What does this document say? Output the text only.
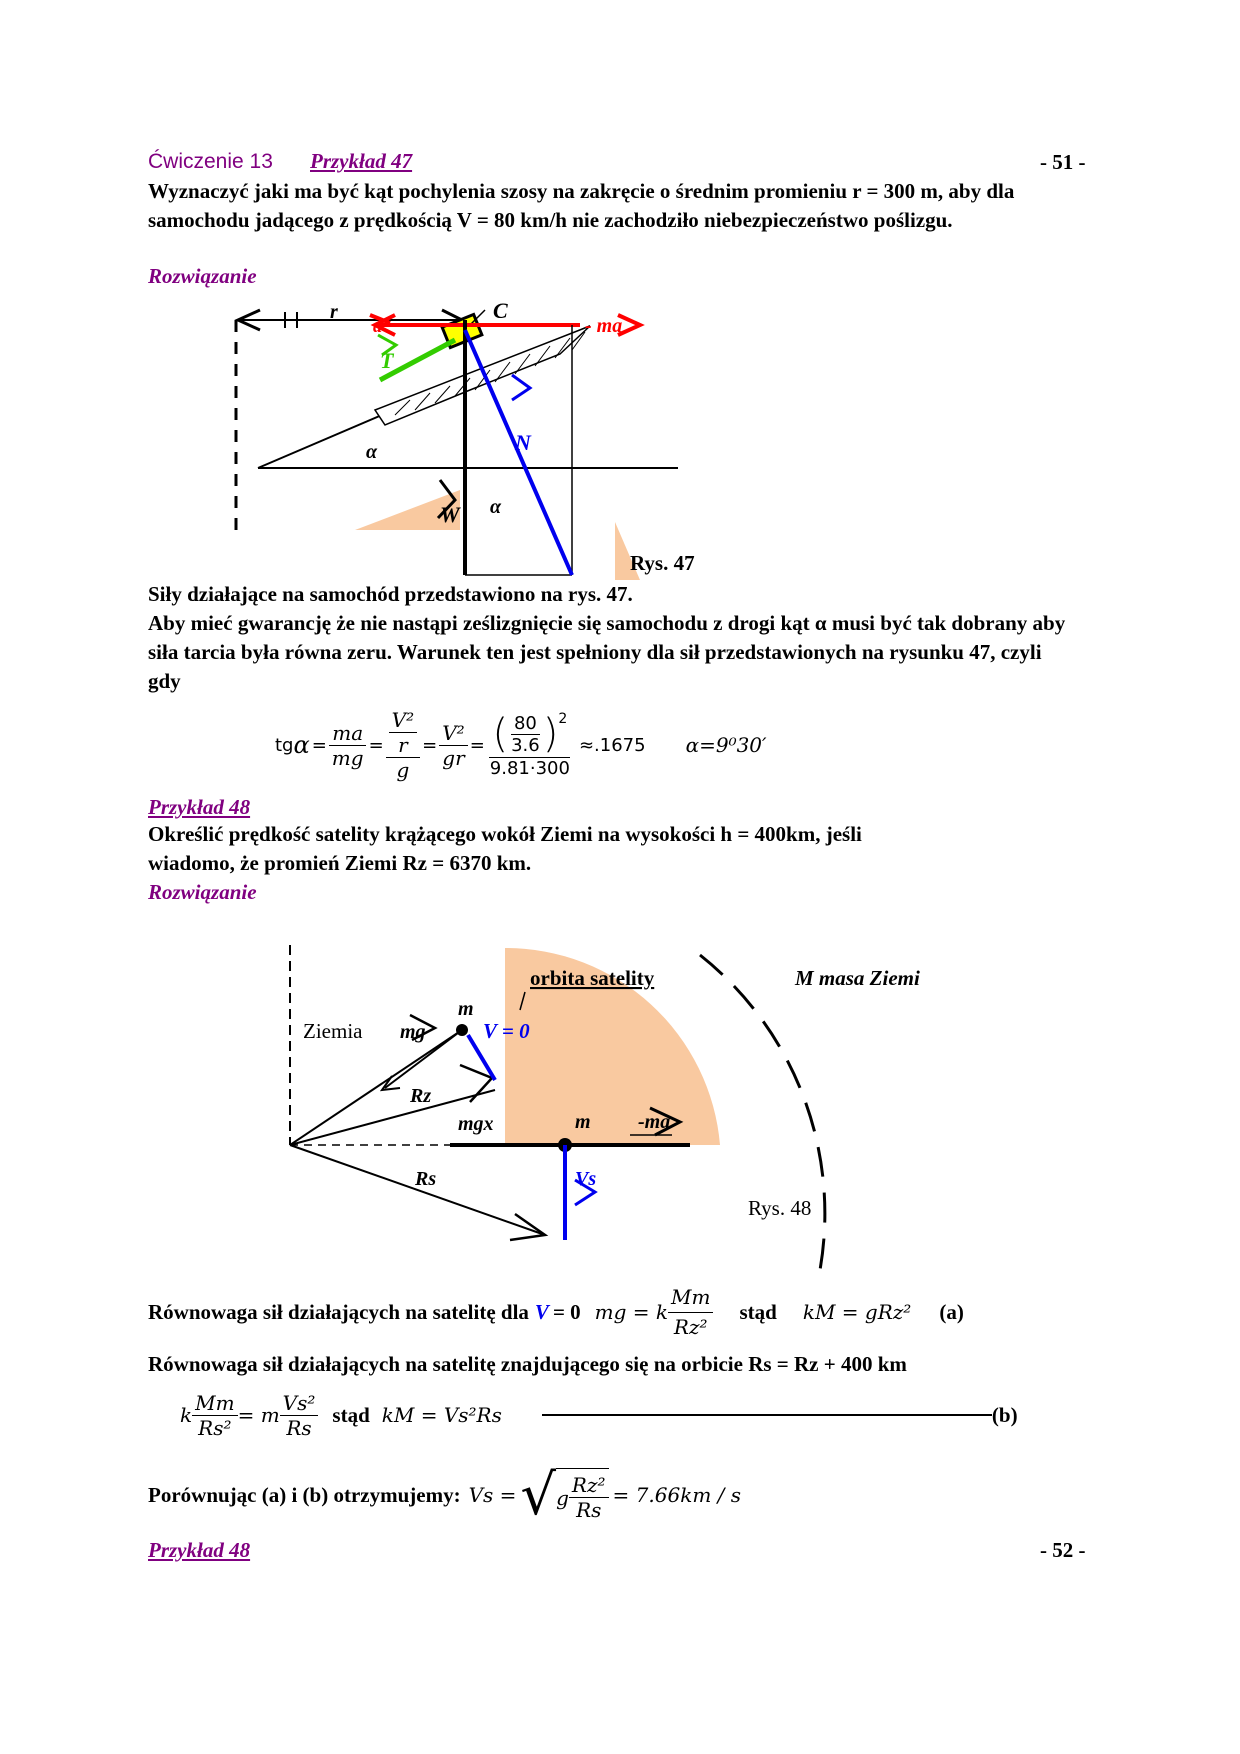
Ćwiczenie 13 Przykład 47	- 51 -
Wyznaczyć jaki ma być kąt pochylenia szosy na zakręcie o średnim promieniu r = 300 m, aby dla samochodu jadącego z prędkością V = 80 km/h nie zachodziło niebezpieczeństwo poślizgu.
Rozwiązanie
r	C
a	- ma
T
α
α
W
N
Rys. 47
Siły działające na samochód przedstawiono na rys. 47.
Aby mieć gwarancję że nie nastąpi ześlizgnięcie się samochodu z drogi kąt α musi być tak dobrany aby siła tarcia była równa zeru. Warunek ten jest spełniony dla sił przedstawionych na rysunku 47, czyli gdy
tg $\alpha = \frac{ma}{mg} = \frac{\frac{\text{V²}}{r}}{g} = \frac{\text{V²}}{gr} = \frac{( \frac{80}{3.6} )^2}{9.81\cdot 300} \approx.1675$ α=9⁰30′
Przykład 48
Określić prędkość satelity krążącego wokół Ziemi na wysokości h = 400km, jeśli
wiadomo, że promień Ziemi Rz = 6370 km.
Rozwiązanie
orbita satelity	M masa Ziemi
m
Ziemia mg	V = 0
Rz
mgx	m -ma
Rs	Vs
Rys. 48
Równowaga sił działających na satelitę dla V = 0 mg = k $\frac{Mm}{\text{Rz²}}$ stąd kM = gRz² (a)
Równowaga sił działających na satelitę znajdującego się na orbicie Rs = Rz + 400 km
k $\frac{Mm}{\text{Rs²}} = m \frac{\text{Vs²}}{Rs}$ stąd kM = Vs²Rs	(b)
Porównując (a) i (b) otrzymujemy: Vs = √ g $\frac{\text{Rz²}}{Rs} = 7.66km / s$
Przykład 48	- 52 -
